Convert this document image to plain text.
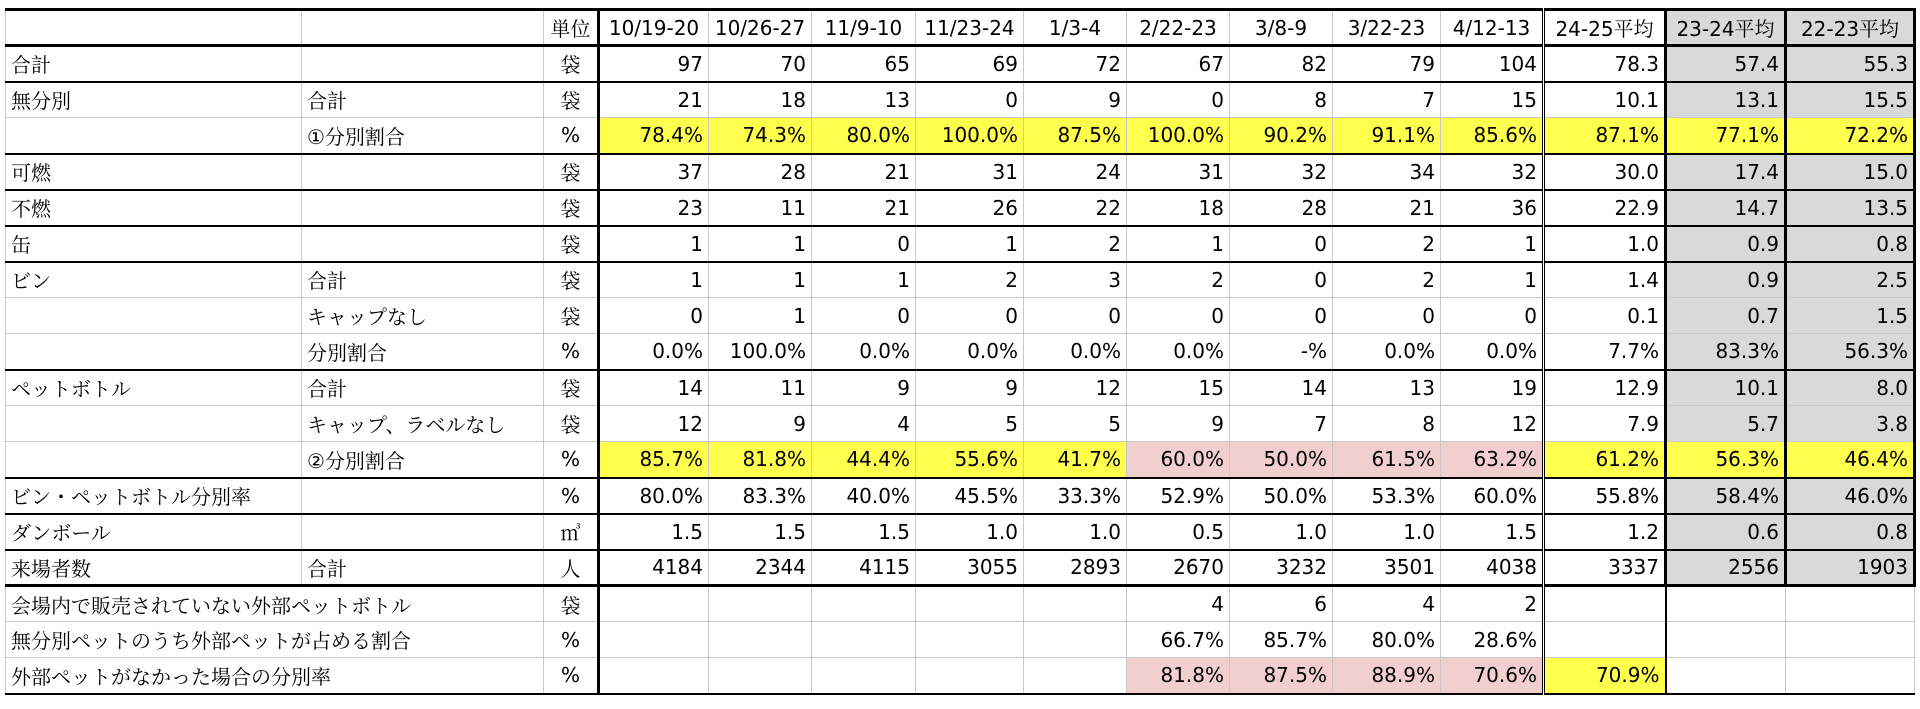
		単位	10/19-20	10/26-27	11/9-10	11/23-24	1/3-4	2/22-23	3/8-9	3/22-23	4/12-13	24-25平均	23-24平均	22-23平均
合計		袋	97	70	65	69	72	67	82	79	104	78.3	57.4	55.3
無分別	合計	袋	21	18	13	0	9	0	8	7	15	10.1	13.1	15.5
	①分別割合	%	78.4%	74.3%	80.0%	100.0%	87.5%	100.0%	90.2%	91.1%	85.6%	87.1%	77.1%	72.2%
可燃		袋	37	28	21	31	24	31	32	34	32	30.0	17.4	15.0
不燃		袋	23	11	21	26	22	18	28	21	36	22.9	14.7	13.5
缶		袋	1	1	0	1	2	1	0	2	1	1.0	0.9	0.8
ビン	合計	袋	1	1	1	2	3	2	0	2	1	1.4	0.9	2.5
	キャップなし	袋	0	1	0	0	0	0	0	0	0	0.1	0.7	1.5
	分別割合	%	0.0%	100.0%	0.0%	0.0%	0.0%	0.0%	-%	0.0%	0.0%	7.7%	83.3%	56.3%
ペットボトル	合計	袋	14	11	9	9	12	15	14	13	19	12.9	10.1	8.0
	キャップ、ラベルなし	袋	12	9	4	5	5	9	7	8	12	7.9	5.7	3.8
	②分別割合	%	85.7%	81.8%	44.4%	55.6%	41.7%	60.0%	50.0%	61.5%	63.2%	61.2%	56.3%	46.4%
ビン・ペットボトル分別率		%	80.0%	83.3%	40.0%	45.5%	33.3%	52.9%	50.0%	53.3%	60.0%	55.8%	58.4%	46.0%
ダンボール		㎥	1.5	1.5	1.5	1.0	1.0	0.5	1.0	1.0	1.5	1.2	0.6	0.8
来場者数	合計	人	4184	2344	4115	3055	2893	2670	3232	3501	4038	3337	2556	1903
会場内で販売されていない外部ペットボトル		袋						4	6	4	2			
無分別ペットのうち外部ペットが占める割合		%						66.7%	85.7%	80.0%	28.6%			
外部ペットがなかった場合の分別率		%						81.8%	87.5%	88.9%	70.6%	70.9%		
